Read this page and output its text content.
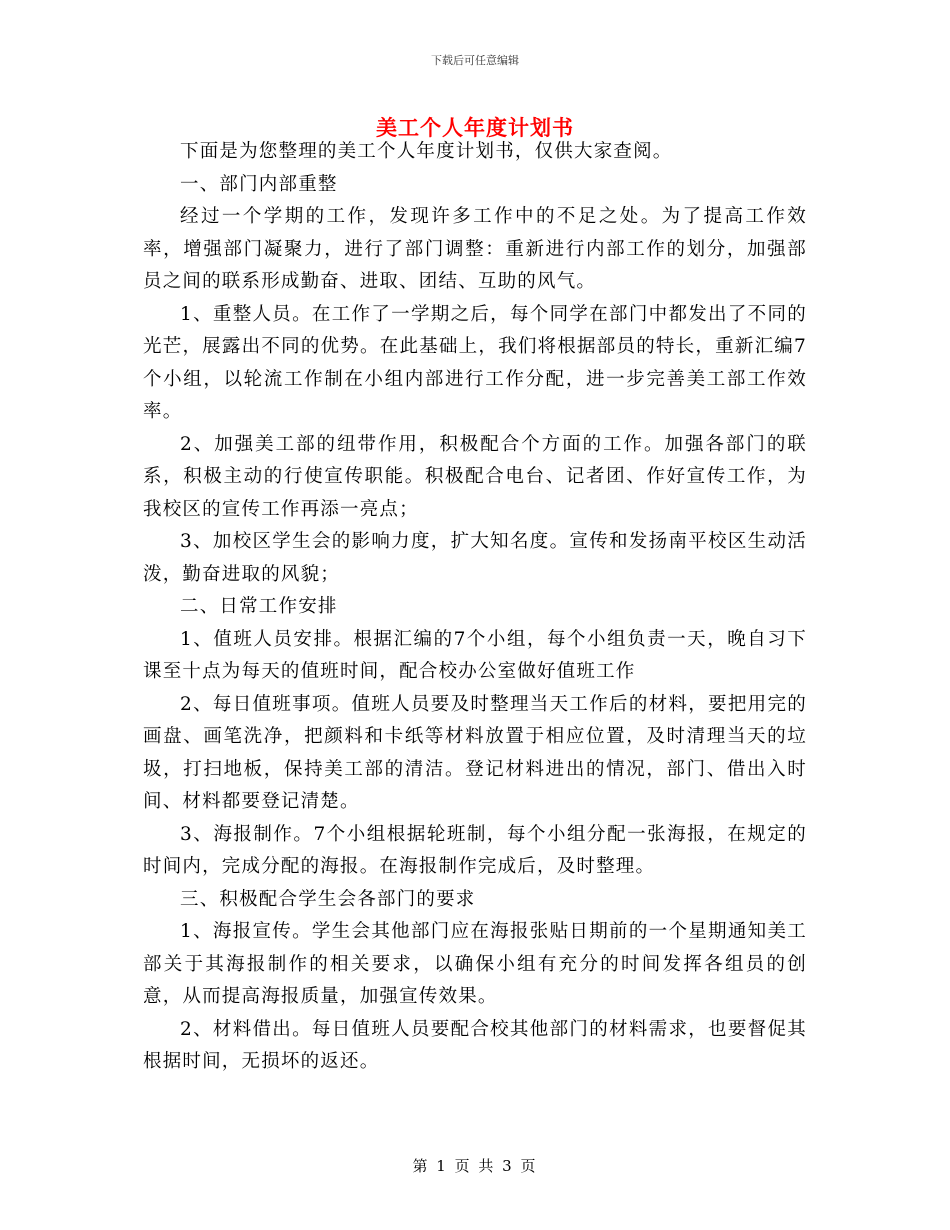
下载后可任意编辑
美工个人年度计划书

下面是为您整理的美工个人年度计划书，仅供大家查阅。

一、部门内部重整

经过一个学期的工作，发现许多工作中的不足之处。为了提高工作效率，增强部门凝聚力，进行了部门调整：重新进行内部工作的划分，加强部员之间的联系形成勤奋、进取、团结、互助的风气。

1、重整人员。在工作了一学期之后，每个同学在部门中都发出了不同的光芒，展露出不同的优势。在此基础上，我们将根据部员的特长，重新汇编7个小组，以轮流工作制在小组内部进行工作分配，进一步完善美工部工作效率。

2、加强美工部的纽带作用，积极配合个方面的工作。加强各部门的联系，积极主动的行使宣传职能。积极配合电台、记者团、作好宣传工作，为我校区的宣传工作再添一亮点；

3、加校区学生会的影响力度，扩大知名度。宣传和发扬南平校区生动活泼，勤奋进取的风貌；

二、日常工作安排

1、值班人员安排。根据汇编的7个小组，每个小组负责一天，晚自习下课至十点为每天的值班时间，配合校办公室做好值班工作

2、每日值班事项。值班人员要及时整理当天工作后的材料，要把用完的画盘、画笔洗净，把颜料和卡纸等材料放置于相应位置，及时清理当天的垃圾，打扫地板，保持美工部的清洁。登记材料进出的情况，部门、借出入时间、材料都要登记清楚。

3、海报制作。7个小组根据轮班制，每个小组分配一张海报，在规定的时间内，完成分配的海报。在海报制作完成后，及时整理。

三、积极配合学生会各部门的要求

1、海报宣传。学生会其他部门应在海报张贴日期前的一个星期通知美工部关于其海报制作的相关要求，以确保小组有充分的时间发挥各组员的创意，从而提高海报质量，加强宣传效果。

2、材料借出。每日值班人员要配合校其他部门的材料需求，也要督促其根据时间，无损坏的返还。

第 1 页 共 3 页
